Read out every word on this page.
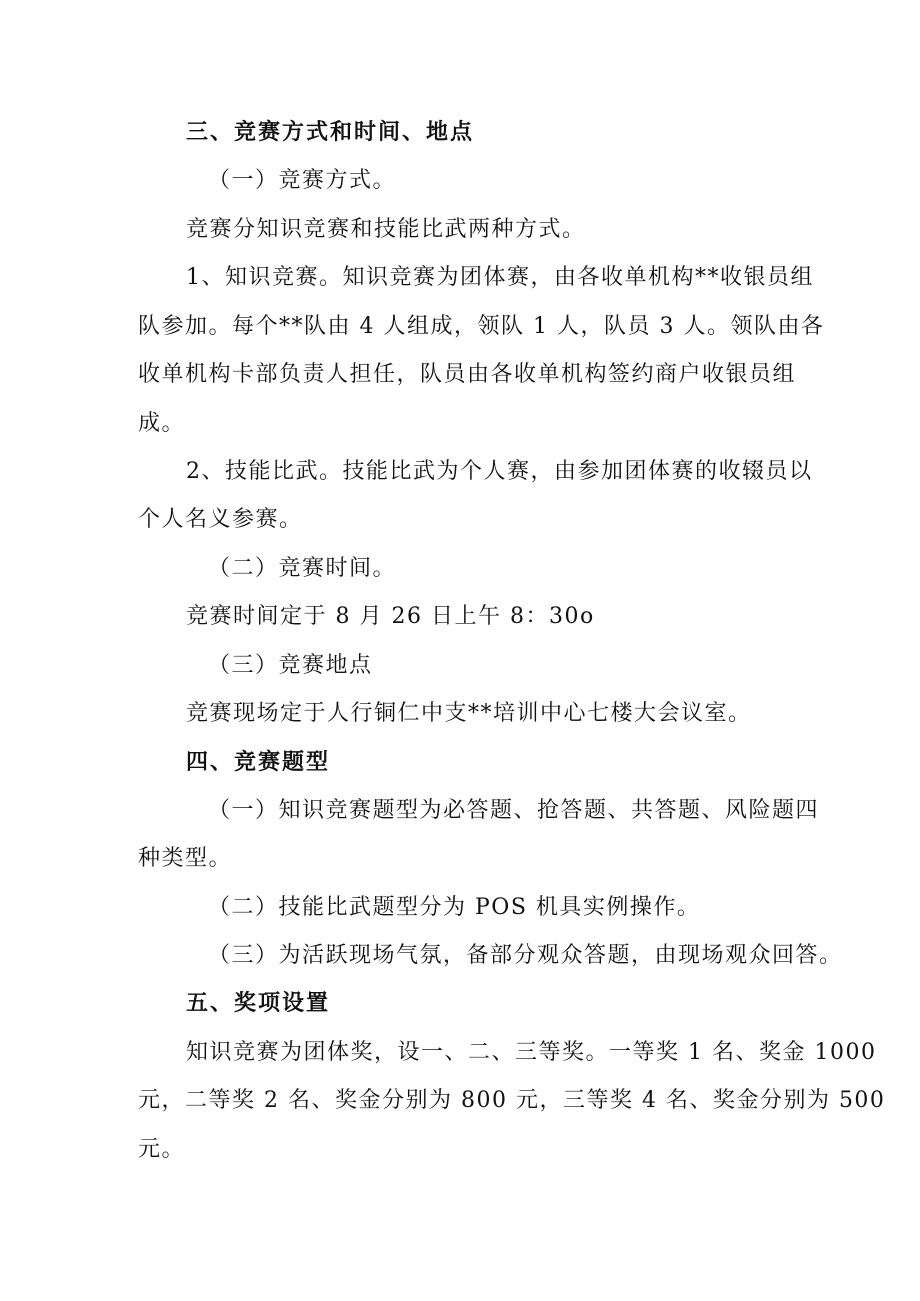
三、竞赛方式和时间、地点
（一）竞赛方式。
竞赛分知识竞赛和技能比武两种方式。
1、知识竞赛。知识竞赛为团体赛，由各收单机构**收银员组
队参加。每个**队由 4 人组成，领队 1 人，队员 3 人。领队由各
收单机构卡部负责人担任，队员由各收单机构签约商户收银员组
成。
2、技能比武。技能比武为个人赛，由参加团体赛的收辍员以
个人名义参赛。
（二）竞赛时间。
竞赛时间定于 8 月 26 日上午 8：30o
（三）竞赛地点
竞赛现场定于人行铜仁中支**培训中心七楼大会议室。
四、竞赛题型
（一）知识竞赛题型为必答题、抢答题、共答题、风险题四
种类型。
（二）技能比武题型分为 POS 机具实例操作。
（三）为活跃现场气氛，备部分观众答题，由现场观众回答。
五、奖项设置
知识竞赛为团体奖，设一、二、三等奖。一等奖 1 名、奖金 1000
元，二等奖 2 名、奖金分别为 800 元，三等奖 4 名、奖金分别为 500
元。
